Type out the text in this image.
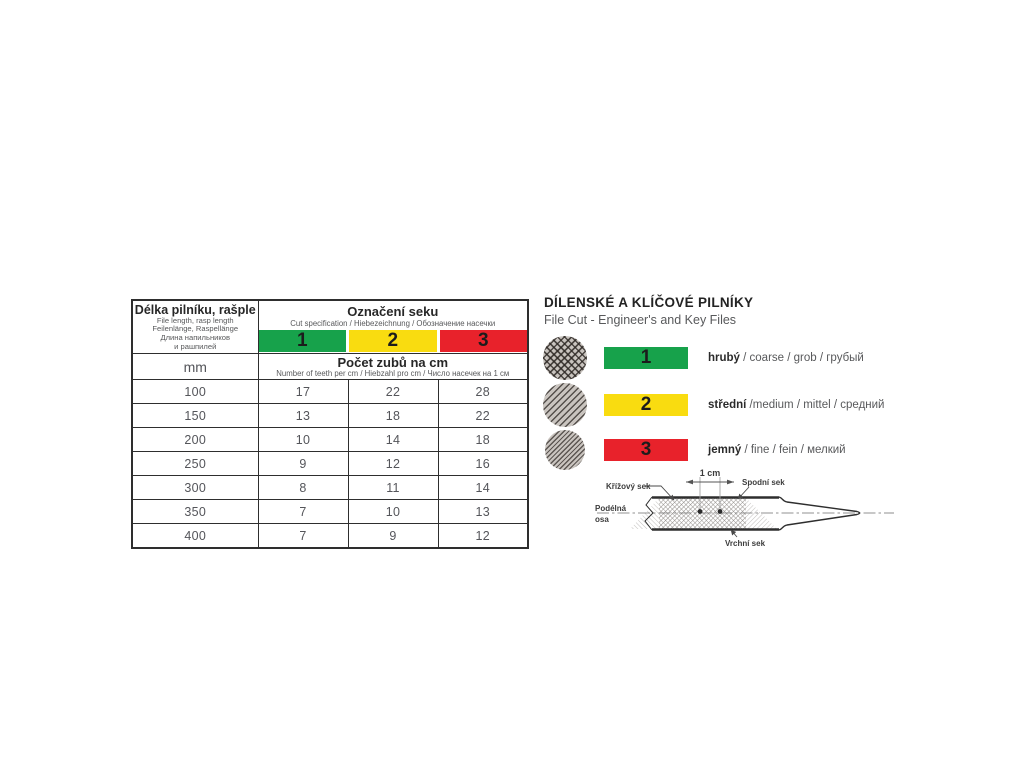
Délka pilníku, rašple
File length, rasp length
Feilenlänge, Raspellänge
Длина напильников
и рашпилей

Označení seku
Cut specification / Hiebezeichnung / Обозначение насечки
1	2	3

mm	Počet zubů na cm
Number of teeth per cm / Hiebzahl pro cm / Число насечек на 1 см		

100	17	22	28
150	13	18	22
200	10	14	18
250	9	12	16
300	8	11	14
350	7	10	13
400	7	9	12
DÍLENSKÉ A KLÍČOVÉ PILNÍKY
File Cut - Engineer's and Key Files
1	hrubý / coarse / grob / грубый
2	střední /medium / mittel / средний
3	jemný / fine / fein / мелкий
1 cm
Křížový sek	Spodní sek
Podélná
osa
Vrchní sek
